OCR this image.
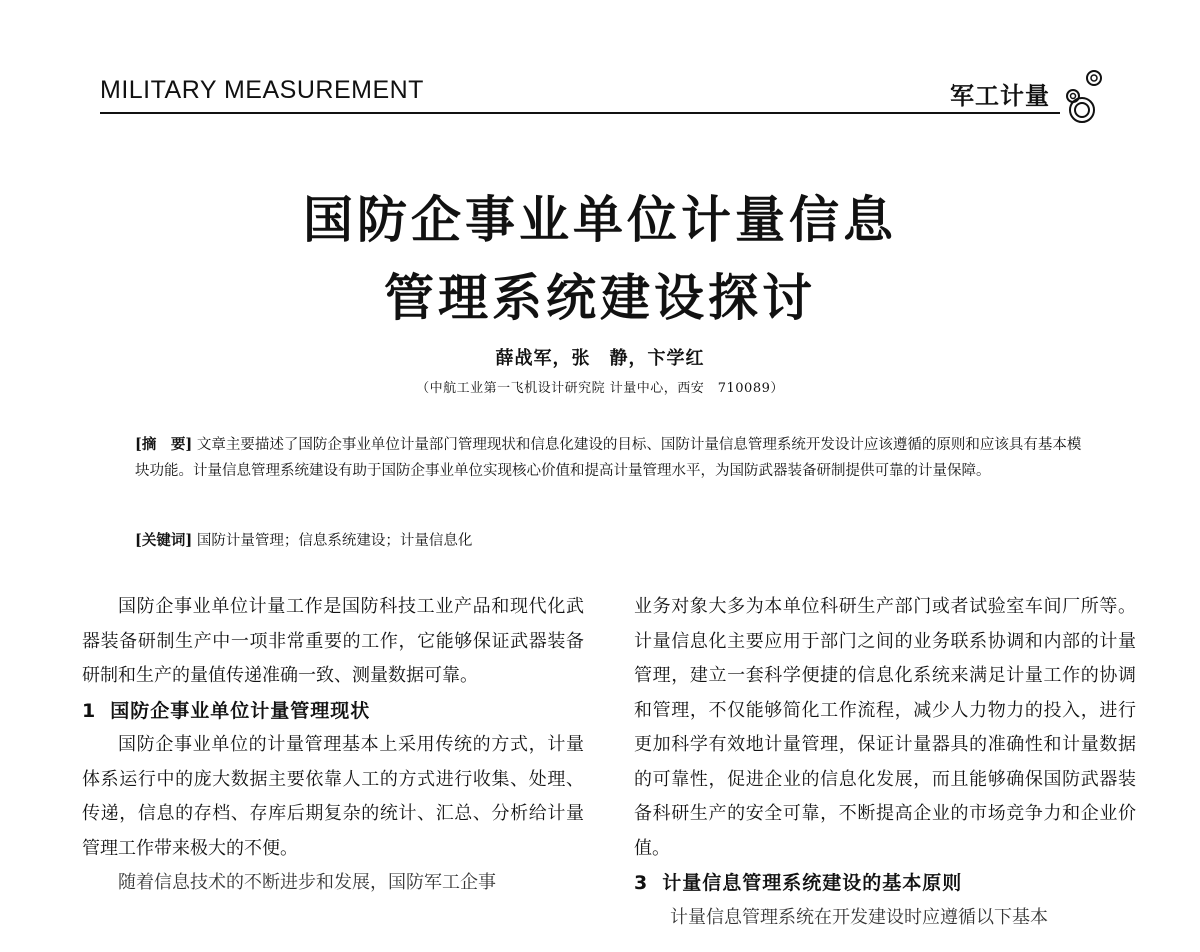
MILITARY MEASUREMENT	军工计量
国防企事业单位计量信息
管理系统建设探讨
薛战军，张　静，卞学红
（中航工业第一飞机设计研究院 计量中心，西安　710089）

[摘　要] 文章主要描述了国防企事业单位计量部门管理现状和信息化建设的目标、国防计量信息管理系统开发设计应该遵循的原则和应该具有基本模块功能。计量信息管理系统建设有助于国防企事业单位实现核心价值和提高计量管理水平，为国防武器装备研制提供可靠的计量保障。

[关键词] 国防计量管理；信息系统建设；计量信息化

国防企事业单位计量工作是国防科技工业产品和现代化武器装备研制生产中一项非常重要的工作，它能够保证武器装备研制和生产的量值传递准确一致、测量数据可靠。

1 国防企事业单位计量管理现状

国防企事业单位的计量管理基本上采用传统的方式，计量体系运行中的庞大数据主要依靠人工的方式进行收集、处理、传递，信息的存档、存库后期复杂的统计、汇总、分析给计量管理工作带来极大的不便。

随着信息技术的不断进步和发展，国防军工企事

业务对象大多为本单位科研生产部门或者试验室车间厂所等。计量信息化主要应用于部门之间的业务联系协调和内部的计量管理，建立一套科学便捷的信息化系统来满足计量工作的协调和管理，不仅能够简化工作流程，减少人力物力的投入，进行更加科学有效地计量管理，保证计量器具的准确性和计量数据的可靠性，促进企业的信息化发展，而且能够确保国防武器装备科研生产的安全可靠，不断提高企业的市场竞争力和企业价值。

3 计量信息管理系统建设的基本原则

计量信息管理系统在开发建设时应遵循以下基本
